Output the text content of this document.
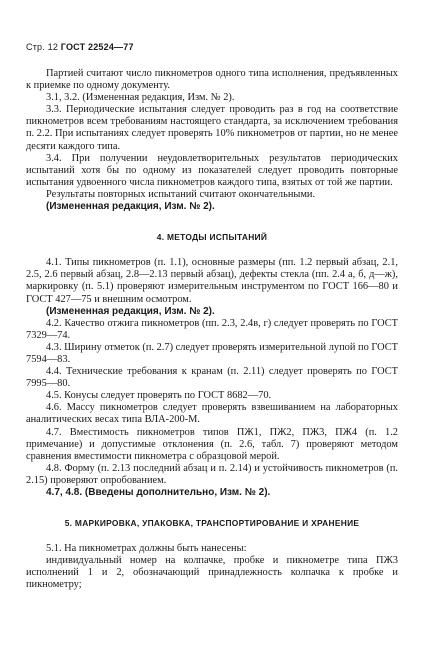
Стр. 12 ГОСТ 22524—77

Партией считают число пикнометров одного типа исполнения, предъявленных к приемке по одному документу.

3.1, 3.2. (Измененная редакция, Изм. № 2).

3.3. Периодические испытания следует проводить раз в год на соответствие пикнометров всем требованиям настоящего стандарта, за исключением требования п. 2.2. При испытаниях следует проверять 10% пикнометров от партии, но не менее десяти каждого типа.

3.4. При получении неудовлетворительных результатов периодических испытаний хотя бы по одному из показателей следует проводить повторные испытания удвоенного числа пикнометров каждого типа, взятых от той же партии.

Результаты повторных испытаний считают окончательными.

(Измененная редакция, Изм. № 2).

4. МЕТОДЫ ИСПЫТАНИЙ

4.1. Типы пикнометров (п. 1.1), основные размеры (пп. 1.2 первый абзац, 2.1, 2.5, 2.6 первый абзац, 2.8—2.13 первый абзац), дефекты стекла (пп. 2.4 а, б, д—ж), маркировку (п. 5.1) проверяют измерительным инструментом по ГОСТ 166—80 и ГОСТ 427—75 и внешним осмотром.

(Измененная редакция, Изм. № 2).

4.2. Качество отжига пикнометров (пп. 2.3, 2.4в, г) следует проверять по ГОСТ 7329—74.

4.3. Ширину отметок (п. 2.7) следует проверять измерительной лупой по ГОСТ 7594—83.

4.4. Технические требования к кранам (п. 2.11) следует проверять по ГОСТ 7995—80.

4.5. Конусы следует проверять по ГОСТ 8682—70.

4.6. Массу пикнометров следует проверять взвешиванием на лабораторных аналитических весах типа ВЛА-200-М.

4.7. Вместимость пикнометров типов ПЖ1, ПЖ2, ПЖ3, ПЖ4 (п. 1.2 примечание) и допустимые отклонения (п. 2.6, табл. 7) проверяют методом сравнения вместимости пикнометра с образцовой мерой.

4.8. Форму (п. 2.13 последний абзац и п. 2.14) и устойчивость пикнометров (п. 2.15) проверяют опробованием.

4.7, 4.8. (Введены дополнительно, Изм. № 2).

5. МАРКИРОВКА, УПАКОВКА, ТРАНСПОРТИРОВАНИЕ И ХРАНЕНИЕ

5.1. На пикнометрах должны быть нанесены:

индивидуальный номер на колпачке, пробке и пикнометре типа ПЖ3 исполнений 1 и 2, обозначающий принадлежность колпачка к пробке и пикнометру;
